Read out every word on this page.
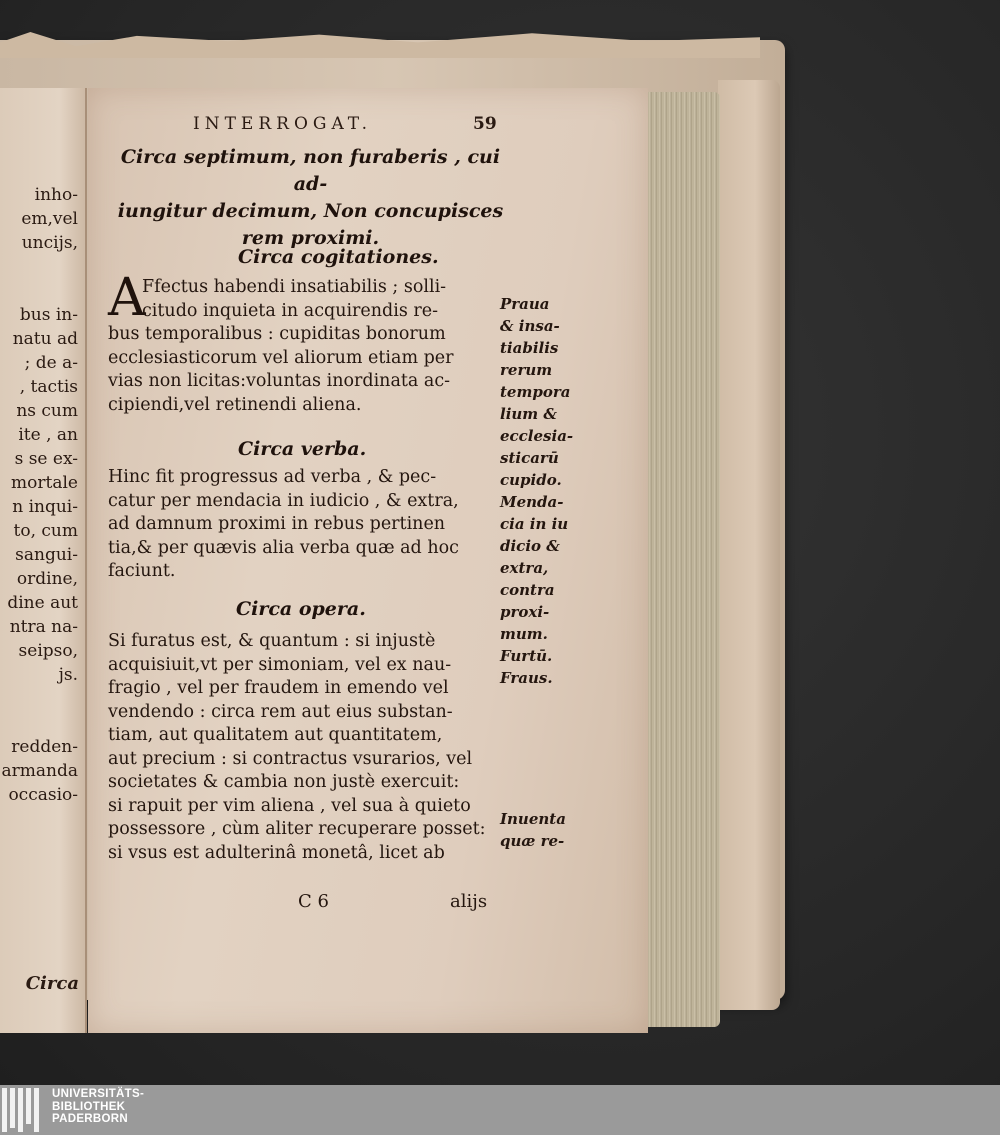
inho-
em,vel
uncijs,
bus in-
natu ad
; de a-
, tactis
ns cum
ite , an
s se ex-
mortale
n inqui-
to, cum
sangui-
ordine,
dine aut
ntra na-
seipso,
js.
redden-
armanda
occasio-
Circa
INTERROGAT.	59
Circa septimum, non furaberis , cui ad-
iungitur decimum, Non concupisces
rem proximi.
Circa cogitationes.
A
Ffectus habendi insatiabilis ; solli-
citudo inquieta in acquirendis re-
bus temporalibus : cupiditas bonorum
ecclesiasticorum vel aliorum etiam per
vias non licitas:voluntas inordinata ac-
cipiendi,vel retinendi aliena.
Circa verba.
Hinc fit progressus ad verba , & pec-
catur per mendacia in iudicio , & extra,
ad damnum proximi in rebus pertinen
tia,& per quævis alia verba quæ ad hoc
faciunt.
Circa opera.
Si furatus est, & quantum : si injustè
acquisiuit,vt per simoniam, vel ex nau-
fragio , vel per fraudem in emendo vel
vendendo : circa rem aut eius substan-
tiam, aut qualitatem aut quantitatem,
aut precium : si contractus vsurarios, vel
societates & cambia non justè exercuit:
si rapuit per vim aliena , vel sua à quieto
possessore , cùm aliter recuperare posset:
si vsus est adulterinâ monetâ, licet ab
C 6	alijs
Praua
& insa-
tiabilis
rerum
tempora
lium &
ecclesia-
sticarū
cupido.
Menda-
cia in iu
dicio &
extra,
contra
proxi-
mum.
Furtū.
Fraus.
Inuenta
quæ re-
UNIVERSITÄTS-
BIBLIOTHEK
PADERBORN
